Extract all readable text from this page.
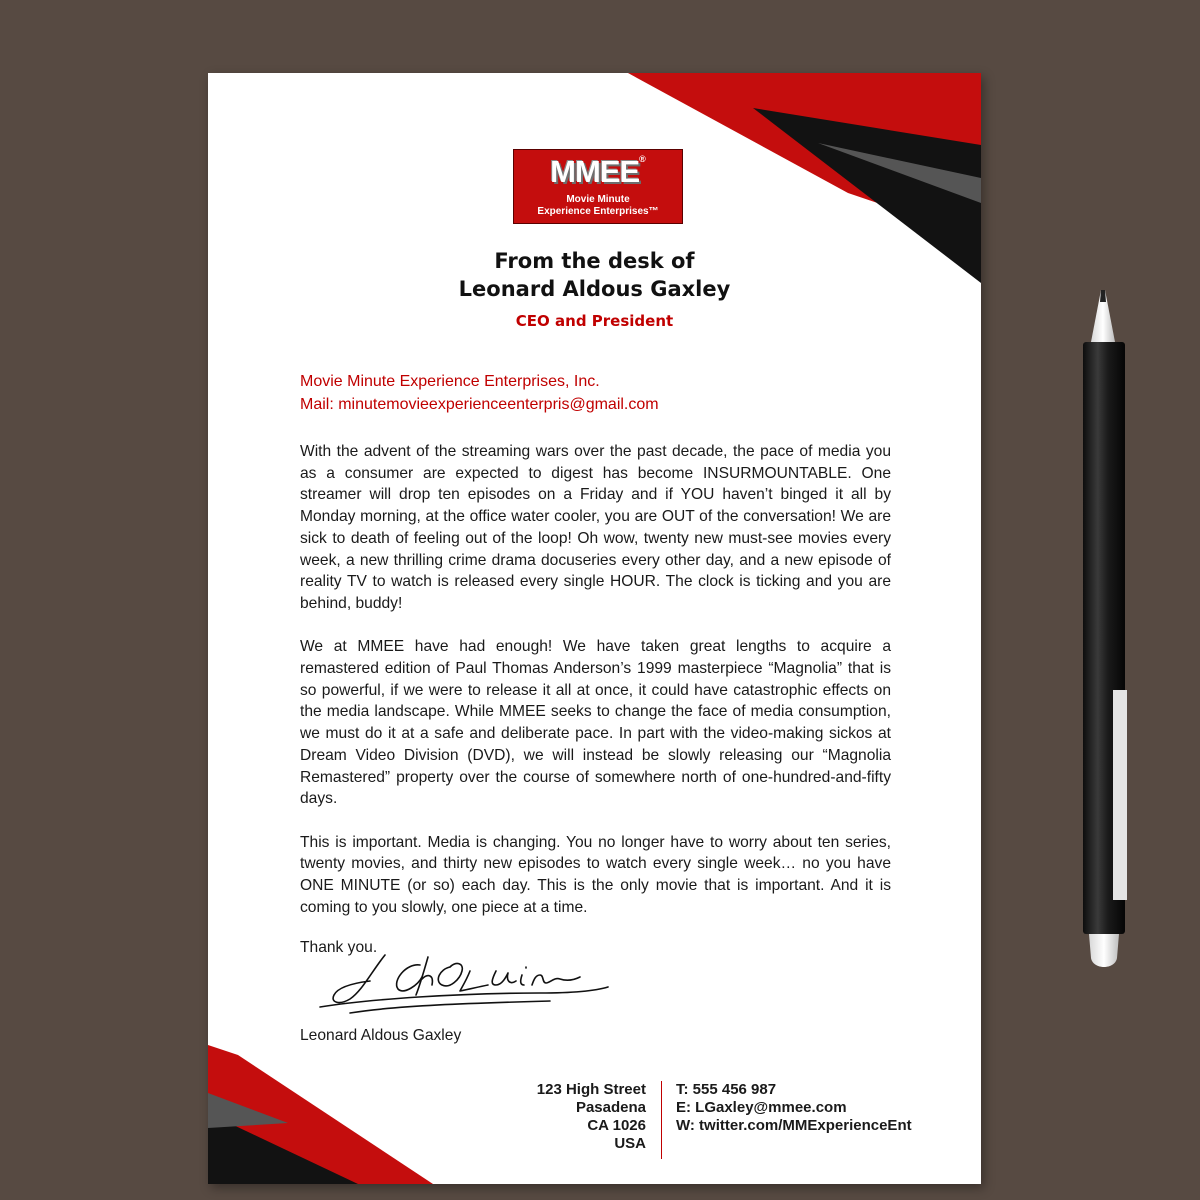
MMEE®
Movie Minute
Experience Enterprises™
From the desk of
Leonard Aldous Gaxley
CEO and President
Movie Minute Experience Enterprises, Inc.
Mail: minutemovieexperienceenterpris@gmail.com

With the advent of the streaming wars over the past decade, the pace of media you as a consumer are expected to digest has become INSURMOUNTABLE. One streamer will drop ten episodes on a Friday and if YOU haven’t binged it all by Monday morning, at the office water cooler, you are OUT of the conversation! We are sick to death of feeling out of the loop! Oh wow, twenty new must-see movies every week, a new thrilling crime drama docuseries every other day, and a new episode of reality TV to watch is released every single HOUR. The clock is ticking and you are behind, buddy!

We at MMEE have had enough! We have taken great lengths to acquire a remastered edition of Paul Thomas Anderson’s 1999 masterpiece “Magnolia” that is so powerful, if we were to release it all at once, it could have catastrophic effects on the media landscape. While MMEE seeks to change the face of media consumption, we must do it at a safe and deliberate pace. In part with the video-making sickos at Dream Video Division (DVD), we will instead be slowly releasing our “Magnolia Remastered” property over the course of somewhere north of one-hundred-and-fifty days.

This is important. Media is changing. You no longer have to worry about ten series, twenty movies, and thirty new episodes to watch every single week… no you have ONE MINUTE (or so) each day. This is the only movie that is important. And it is coming to you slowly, one piece at a time.

Thank you.
Leonard Aldous Gaxley
123 High Street
Pasadena
CA 1026
USA
T: 555 456 987
E: LGaxley@mmee.com
W: twitter.com/MMExperienceEnt
